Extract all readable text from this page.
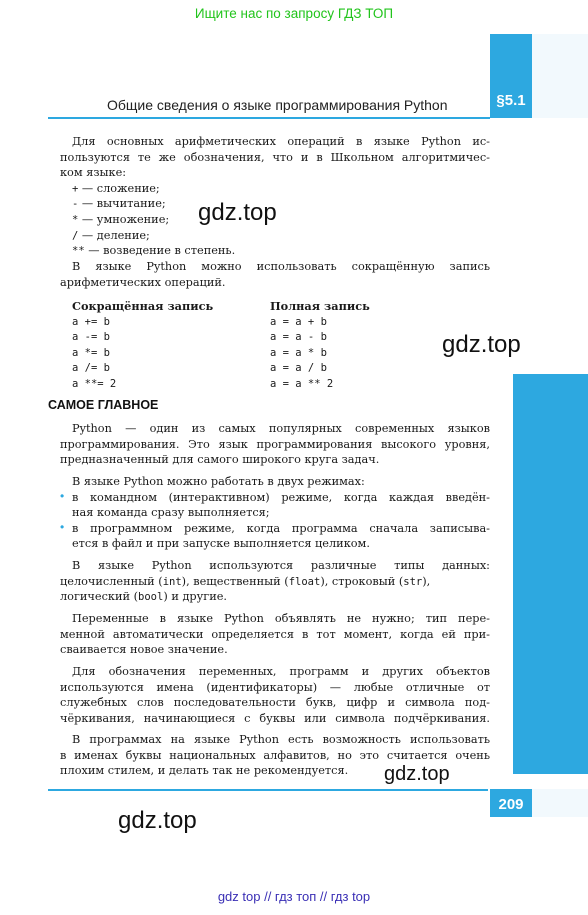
Ищите нас по запросу ГДЗ ТОП
§5.1
Общие сведения о языке программирования Python
Для основных арифметических операций в языке Python ис-
пользуются те же обозначения, что и в Школьном алгоритмичес-
ком языке:
+ — сложение;
- — вычитание;
* — умножение;
/ — деление;
** — возведение в степень.
В языке Python можно использовать сокращённую запись
арифметических операций.
Сокращённая запись	Полная запись
a += b	a = a + b
a -= b	a = a - b
a *= b	a = a * b
a /= b	a = a / b
a **= 2	a = a ** 2
САМОЕ ГЛАВНОЕ
Python — один из самых популярных современных языков
программирования. Это язык программирования высокого уровня,
предназначенный для самого широкого круга задач.
В языке Python можно работать в двух режимах:
• в командном (интерактивном) режиме, когда каждая введён-
ная команда сразу выполняется;
• в программном режиме, когда программа сначала записыва-
ется в файл и при запуске выполняется целиком.
В языке Python используются различные типы данных:
целочисленный (int), вещественный (float), строковый (str),
логический (bool) и другие.
Переменные в языке Python объявлять не нужно; тип пере-
менной автоматически определяется в тот момент, когда ей при-
сваивается новое значение.
Для обозначения переменных, программ и других объектов
используются имена (идентификаторы) — любые отличные от
служебных слов последовательности букв, цифр и символа под-
чёркивания, начинающиеся с буквы или символа подчёркивания.
В программах на языке Python есть возможность использовать
в именах буквы национальных алфавитов, но это считается очень
плохим стилем, и делать так не рекомендуется.
209
gdz.top
gdz.top
gdz.top
gdz.top
gdz top // гдз топ // гдз top
